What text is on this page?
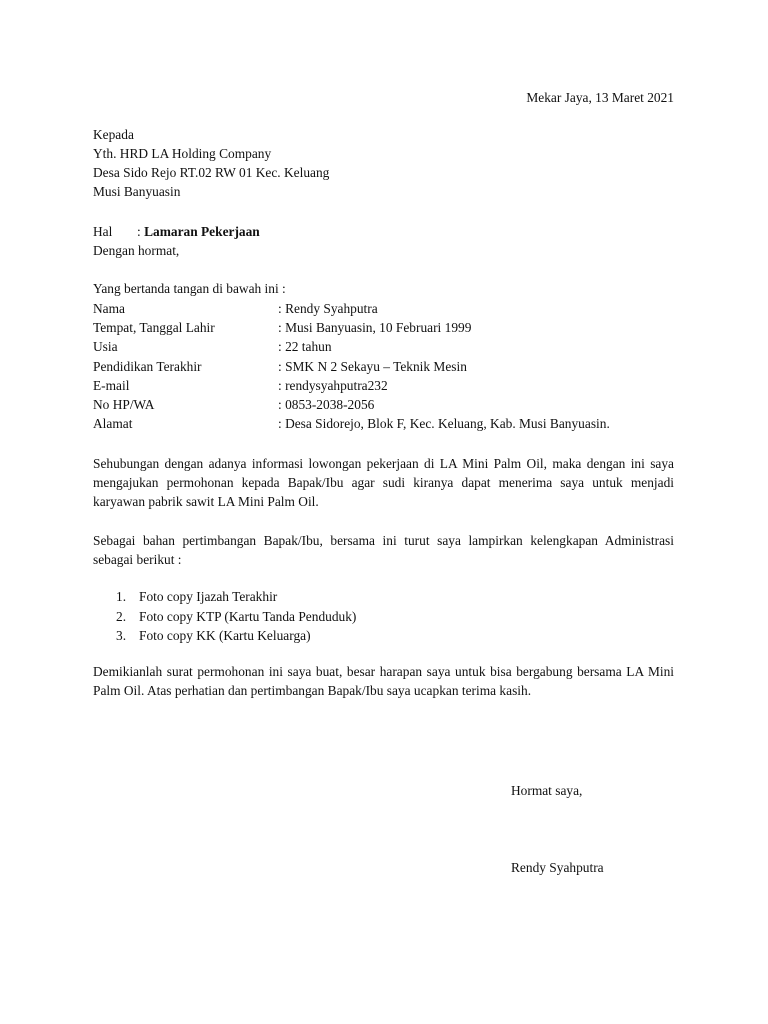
Mekar Jaya, 13 Maret 2021
Kepada
Yth. HRD LA Holding Company
Desa Sido Rejo RT.02 RW 01 Kec. Keluang
Musi Banyuasin
Hal : Lamaran Pekerjaan
Dengan hormat,
Yang bertanda tangan di bawah ini :
Nama	: Rendy Syahputra
Tempat, Tanggal Lahir	: Musi Banyuasin, 10 Februari 1999
Usia	: 22 tahun
Pendidikan Terakhir	: SMK N 2 Sekayu – Teknik Mesin
E-mail	: rendysyahputra232
No HP/WA	: 0853-2038-2056
Alamat	: Desa Sidorejo, Blok F, Kec. Keluang, Kab. Musi Banyuasin.
Sehubungan dengan adanya informasi lowongan pekerjaan di LA Mini Palm Oil, maka dengan ini saya mengajukan permohonan kepada Bapak/Ibu agar sudi kiranya dapat menerima saya untuk menjadi karyawan pabrik sawit LA Mini Palm Oil.
Sebagai bahan pertimbangan Bapak/Ibu, bersama ini turut saya lampirkan kelengkapan Administrasi sebagai berikut :
1. Foto copy Ijazah Terakhir
2. Foto copy KTP (Kartu Tanda Penduduk)
3. Foto copy KK (Kartu Keluarga)
Demikianlah surat permohonan ini saya buat, besar harapan saya untuk bisa bergabung bersama LA Mini Palm Oil. Atas perhatian dan pertimbangan Bapak/Ibu saya ucapkan terima kasih.
Hormat saya,
Rendy Syahputra
